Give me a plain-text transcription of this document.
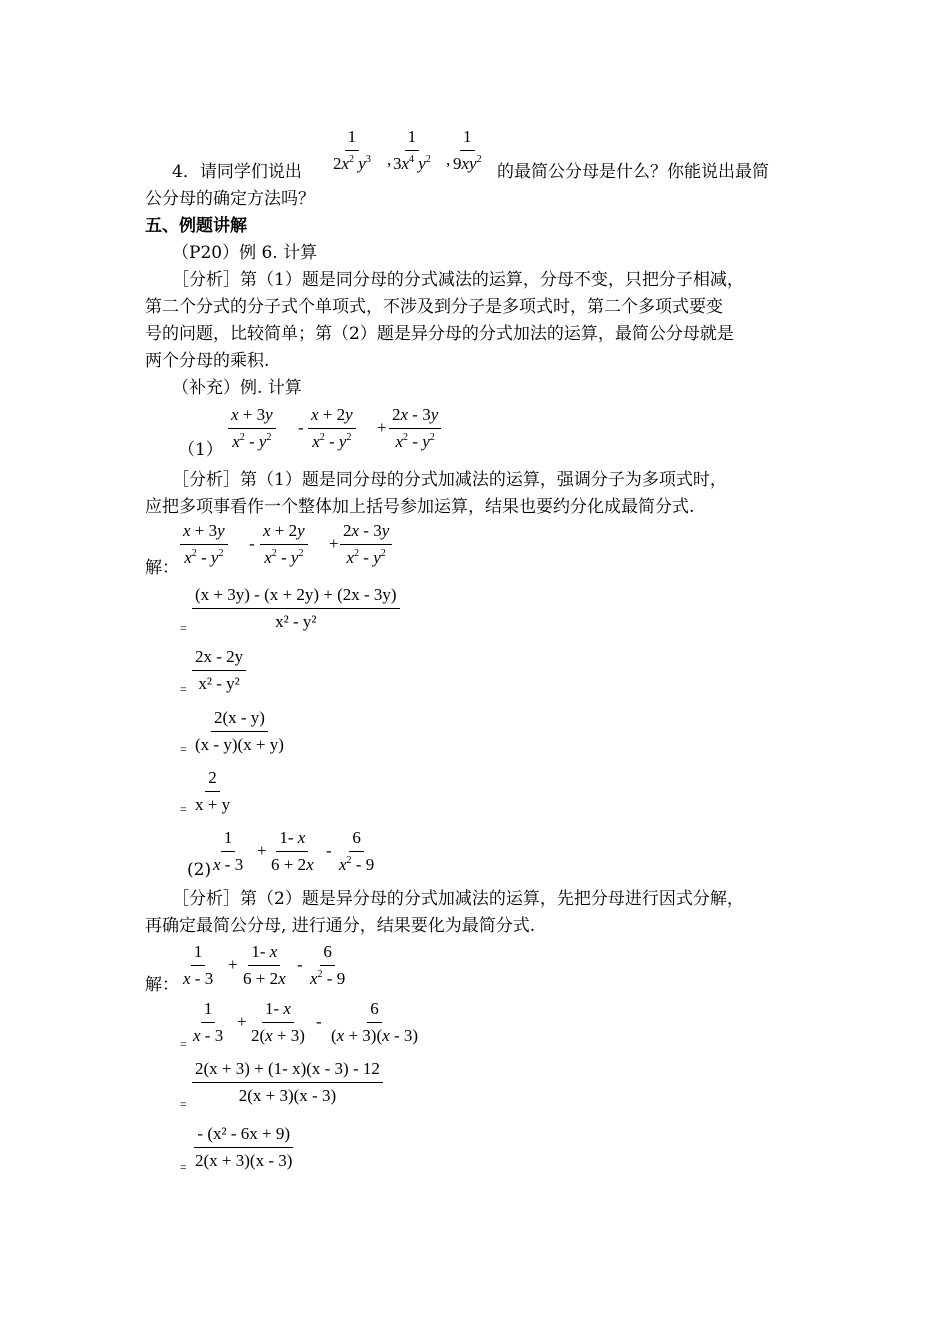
4．请同学们说出 $\frac{1}{2x^2 y^3}$ ,
$\frac{1}{3x^4 y^2}$ , $\frac{1}{9xy^2}$ 的最简公分母是什么？你能说出最简
公分母的确定方法吗？
五、例题讲解
（P20）例 6. 计算
［分析］第（1）题是同分母的分式减法的运算，分母不变，只把分子相减，
第二个分式的分子式个单项式，不涉及到分子是多项式时，第二个多项式要变
号的问题，比较简单；第（2）题是异分母的分式加法的运算，最简公分母就是
两个分母的乘积.
（补充）例. 计算
$(1) \frac{x + 3y}{x^2 - y^2} - \frac{x + 2y}{x^2 - y^2} + \frac{2x - 3y}{x^2 - y^2}$
［分析］第（1）题是同分母的分式加减法的运算，强调分子为多项式时，
应把多项事看作一个整体加上括号参加运算，结果也要约分化成最简分式.
解： $\frac{x + 3y}{x^2 - y^2} - \frac{x + 2y}{x^2 - y^2} + \frac{2x - 3y}{x^2 - y^2}$
= $\frac{(x + 3y) - (x + 2y) + (2x - 3y)}{\text{x² - y²}}$
= $\frac{2x - 2y}{\text{x² - y²}}$
= $\frac{2(x - y)}{(x - y)(x + y)}$
= $\frac{2}{x + y}$
(2)
$\frac{1}{x - 3} + \frac{1- x}{6 + 2x} - \frac{6}{x^2 - 9}$
［分析］第（2）题是异分母的分式加减法的运算，先把分母进行因式分解，
再确定最简公分母, 进行通分，结果要化为最简分式.
解： $\frac{1}{x - 3} + \frac{1- x}{6 + 2x} - \frac{6}{x^2 - 9}$
= $\frac{1}{x - 3} + \frac{1- x}{2(x + 3)} - \frac{6}{(x + 3)(x - 3)}$
= $\frac{2(x + 3) + (1- x)(x - 3) - 12}{2(x + 3)(x - 3)}$
= $\frac{\text{- (x² - 6x + 9)}}{2(x + 3)(x - 3)}$
